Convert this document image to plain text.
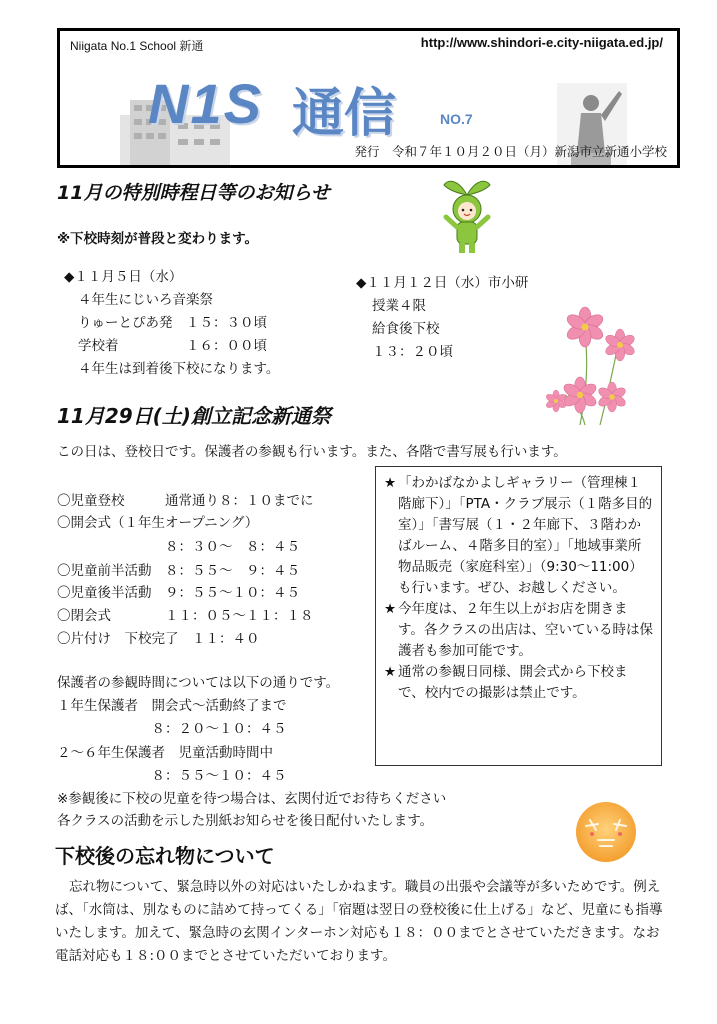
Niigata No.1 School 新通	http://www.shindori-e.city-niigata.ed.jp/
N1S 通信	NO.7
発行　令和７年１０月２０日（月）新潟市立新通小学校
11月の特別時程日等のお知らせ
※下校時刻が普段と変わります。
◆１１月５日（水）
４年生にじいろ音楽祭
りゅーとぴあ発　１５：３０頃
学校着　　　　　１６：００頃
４年生は到着後下校になります。
◆１１月１２日（水）市小研
授業４限
給食後下校
１３：２０頃
11月29日(土)創立記念新通祭
この日は、登校日です。保護者の参観も行います。また、各階で書写展も行います。
〇児童登校　　　通常通り８：１０までに
〇開会式（１年生オープニング）
　　　　　　　　８：３０～　８：４５
〇児童前半活動　８：５５～　９：４５
〇児童後半活動　９：５５～１０：４５
〇閉会式　　　　１１：０５～１１：１８
〇片付け　下校完了　１１：４０
保護者の参観時間については以下の通りです。
１年生保護者　開会式～活動終了まで
　　　　　　　８：２０～１０：４５
２～６年生保護者　児童活動時間中
　　　　　　　８：５５～１０：４５
※参観後に下校の児童を待つ場合は、玄関付近でお待ちください
各クラスの活動を示した別紙お知らせを後日配付いたします。
★ 「わかばなかよしギャラリー（管理棟１階廊下）」「PTA・クラブ展示（１階多目的室）」「書写展（１・２年廊下、３階わかばルーム、４階多目的室）」「地域事業所物品販売（家庭科室）」（9:30～11:00）も行います。ぜひ、お越しください。
★ 今年度は、２年生以上がお店を開きます。各クラスの出店は、空いている時は保護者も参加可能です。
★ 通常の参観日同様、開会式から下校まで、校内での撮影は禁止です。
下校後の忘れ物について
忘れ物について、緊急時以外の対応はいたしかねます。職員の出張や会議等が多いためです。例えば、「水筒は、別なものに詰めて持ってくる」「宿題は翌日の登校後に仕上げる」など、児童にも指導いたします。加えて、緊急時の玄関インターホン対応も１８：００までとさせていただきます。なお電話対応も１８:００までとさせていただいております。
